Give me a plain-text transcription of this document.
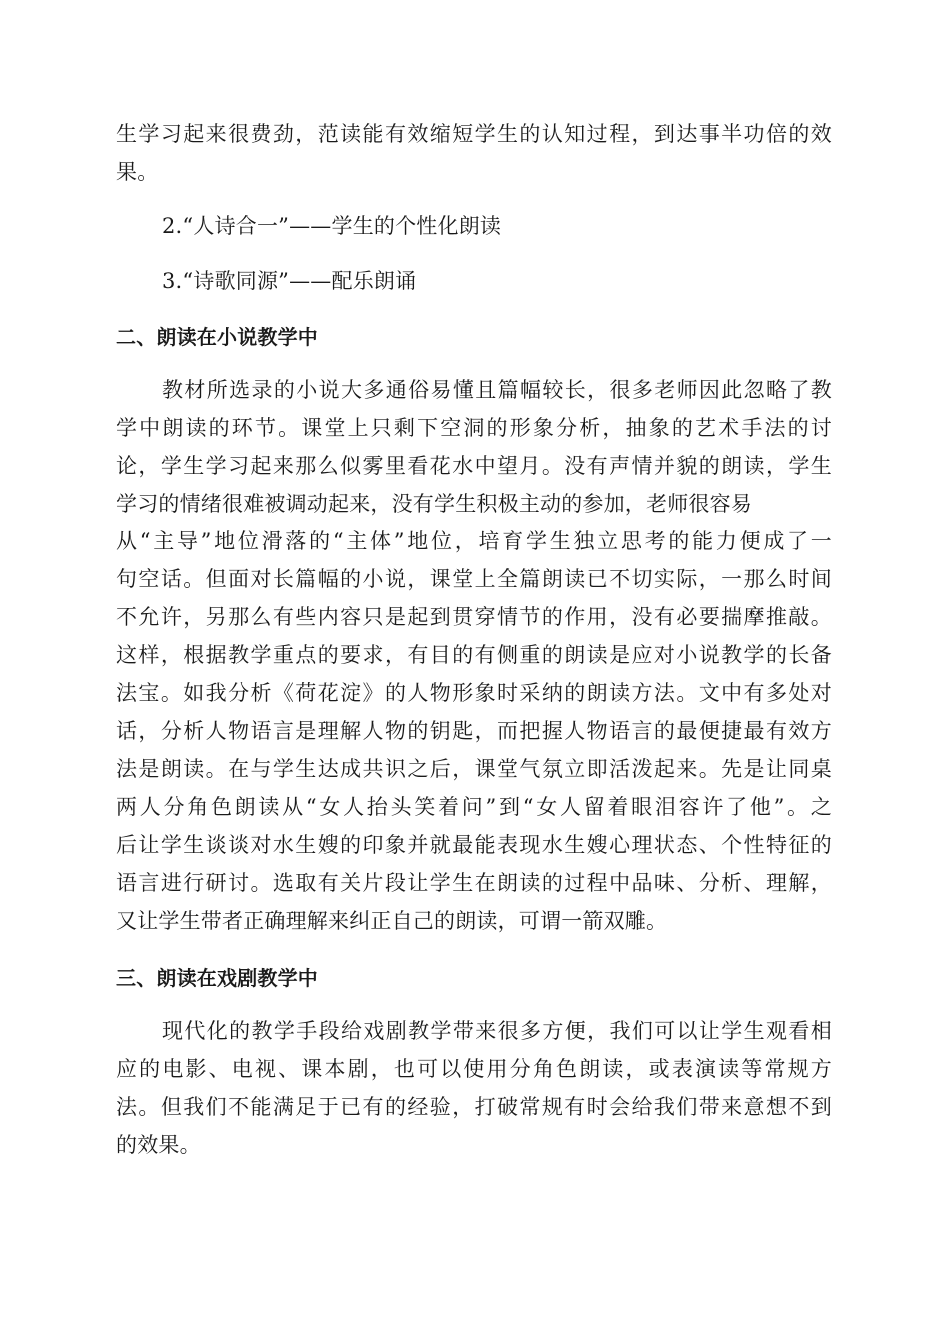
生学习起来很费劲，范读能有效缩短学生的认知过程，到达事半功倍的效
果。
2.“人诗合一”——学生的个性化朗读
3.“诗歌同源”——配乐朗诵
二、朗读在小说教学中
教材所选录的小说大多通俗易懂且篇幅较长，很多老师因此忽略了教
学中朗读的环节。课堂上只剩下空洞的形象分析，抽象的艺术手法的讨
论，学生学习起来那么似雾里看花水中望月。没有声情并貌的朗读，学生
学习的情绪很难被调动起来，没有学生积极主动的参加，老师很容易
从“主导”地位滑落的“主体”地位，培育学生独立思考的能力便成了一
句空话。但面对长篇幅的小说，课堂上全篇朗读已不切实际，一那么时间
不允许，另那么有些内容只是起到贯穿情节的作用，没有必要揣摩推敲。
这样，根据教学重点的要求，有目的有侧重的朗读是应对小说教学的长备
法宝。如我分析《荷花淀》的人物形象时采纳的朗读方法。文中有多处对
话，分析人物语言是理解人物的钥匙，而把握人物语言的最便捷最有效方
法是朗读。在与学生达成共识之后，课堂气氛立即活泼起来。先是让同桌
两人分角色朗读从“女人抬头笑着问”到“女人留着眼泪容许了他”。之
后让学生谈谈对水生嫂的印象并就最能表现水生嫂心理状态、个性特征的
语言进行研讨。选取有关片段让学生在朗读的过程中品味、分析、理解，
又让学生带者正确理解来纠正自己的朗读，可谓一箭双雕。
三、朗读在戏剧教学中
现代化的教学手段给戏剧教学带来很多方便，我们可以让学生观看相
应的电影、电视、课本剧，也可以使用分角色朗读，或表演读等常规方
法。但我们不能满足于已有的经验，打破常规有时会给我们带来意想不到
的效果。
